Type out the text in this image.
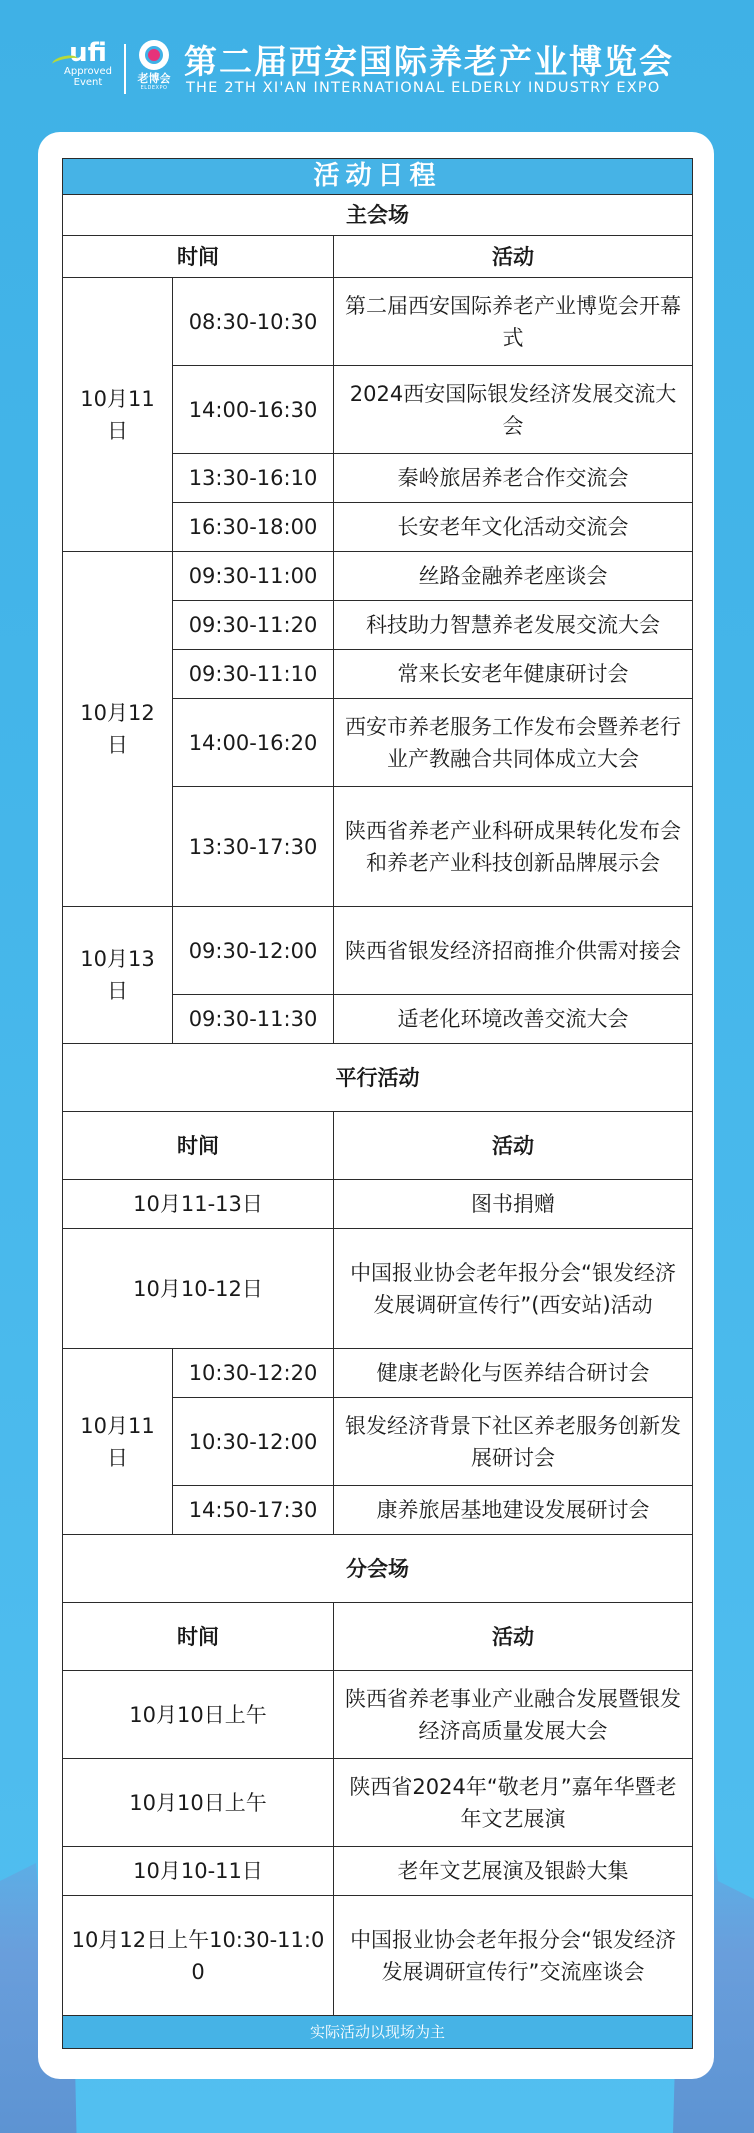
ufi
Approved
Event	老博会
ELDEXPO
第二届西安国际养老产业博览会
THE 2TH XI'AN INTERNATIONAL ELDERLY INDUSTRY EXPO
活动日程		
主会场		
时间		活动
10月11日	08:30-10:30	第二届西安国际养老产业博览会开幕式
	14:00-16:30	2024西安国际银发经济发展交流大会
	13:30-16:10	秦岭旅居养老合作交流会
	16:30-18:00	长安老年文化活动交流会
10月12日	09:30-11:00	丝路金融养老座谈会
	09:30-11:20	科技助力智慧养老发展交流大会
	09:30-11:10	常来长安老年健康研讨会
	14:00-16:20	西安市养老服务工作发布会暨养老行业产教融合共同体成立大会
	13:30-17:30	陕西省养老产业科研成果转化发布会和养老产业科技创新品牌展示会
10月13日	09:30-12:00	陕西省银发经济招商推介供需对接会
	09:30-11:30	适老化环境改善交流大会
平行活动		
时间		活动
10月11-13日		图书捐赠
10月10-12日		中国报业协会老年报分会“银发经济发展调研宣传行”(西安站)活动
10月11日	10:30-12:20	健康老龄化与医养结合研讨会
	10:30-12:00	银发经济背景下社区养老服务创新发展研讨会
	14:50-17:30	康养旅居基地建设发展研讨会
分会场		
时间		活动
10月10日上午		陕西省养老事业产业融合发展暨银发经济高质量发展大会
10月10日上午		陕西省2024年“敬老月”嘉年华暨老年文艺展演
10月10-11日		老年文艺展演及银龄大集
10月12日上午10:30-11:00		中国报业协会老年报分会“银发经济发展调研宣传行”交流座谈会
实际活动以现场为主		
